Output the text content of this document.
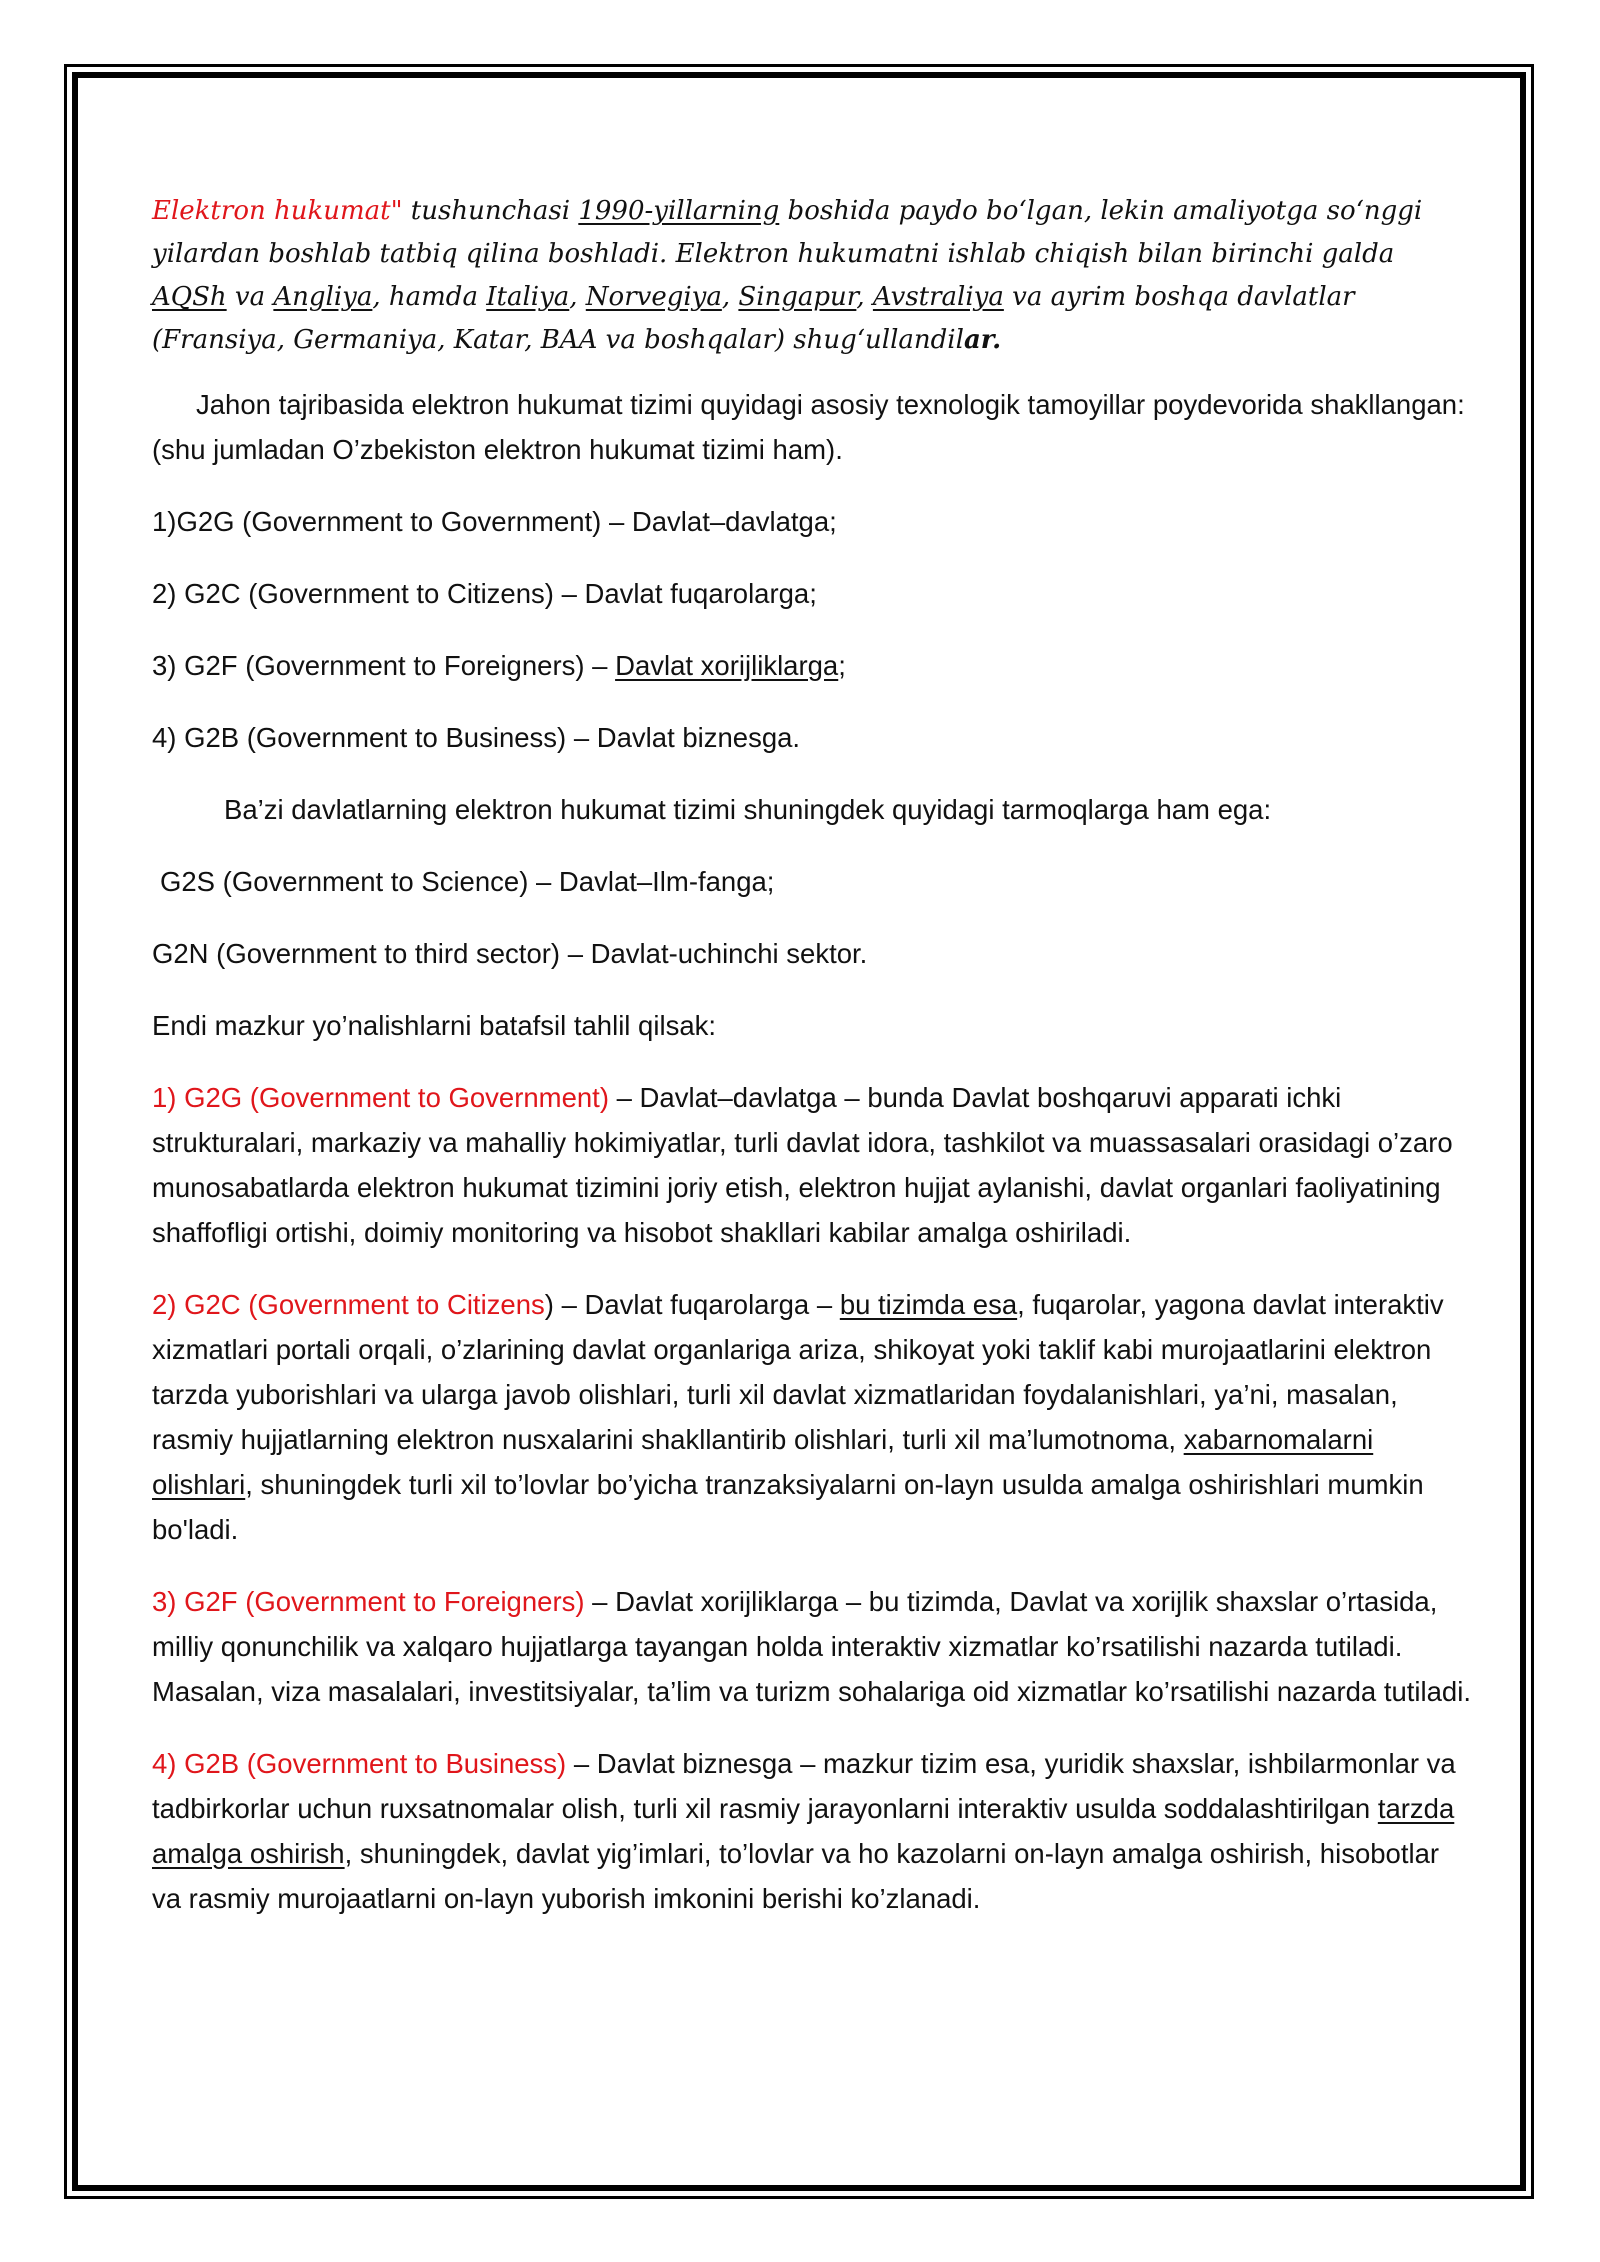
Elektron hukumat" tushunchasi 1990-yillarning boshida paydo bo‘lgan, lekin amaliyotga so‘nggi yilardan boshlab tatbiq qilina boshladi. Elektron hukumatni ishlab chiqish bilan birinchi galda AQSh va Angliya, hamda Italiya, Norvegiya, Singapur, Avstraliya va ayrim boshqa davlatlar (Fransiya, Germaniya, Katar, BAA va boshqalar) shug‘ullandilar.

Jahon tajribasida elektron hukumat tizimi quyidagi asosiy texnologik tamoyillar poydevorida shakllangan: (shu jumladan O’zbekiston elektron hukumat tizimi ham).

1)G2G (Government to Government) – Davlat–davlatga;

2) G2C (Government to Citizens) – Davlat fuqarolarga;

3) G2F (Government to Foreigners) – Davlat xorijliklarga;

4) G2B (Government to Business) – Davlat biznesga.

Ba’zi davlatlarning elektron hukumat tizimi shuningdek quyidagi tarmoqlarga ham ega:

G2S (Government to Science) – Davlat–Ilm-fanga;

G2N (Government to third sector) – Davlat-uchinchi sektor.

Endi mazkur yo’nalishlarni batafsil tahlil qilsak:

1) G2G (Government to Government) – Davlat–davlatga – bunda Davlat boshqaruvi apparati ichki strukturalari, markaziy va mahalliy hokimiyatlar, turli davlat idora, tashkilot va muassasalari orasidagi o’zaro munosabatlarda elektron hukumat tizimini joriy etish, elektron hujjat aylanishi, davlat organlari faoliyatining shaffofligi ortishi, doimiy monitoring va hisobot shakllari kabilar amalga oshiriladi.

2) G2C (Government to Citizens) – Davlat fuqarolarga – bu tizimda esa, fuqarolar, yagona davlat interaktiv xizmatlari portali orqali, o’zlarining davlat organlariga ariza, shikoyat yoki taklif kabi murojaatlarini elektron tarzda yuborishlari va ularga javob olishlari, turli xil davlat xizmatlaridan foydalanishlari, ya’ni, masalan, rasmiy hujjatlarning elektron nusxalarini shakllantirib olishlari, turli xil ma’lumotnoma, xabarnomalarni olishlari, shuningdek turli xil to’lovlar bo’yicha tranzaksiyalarni on-layn usulda amalga oshirishlari mumkin bo'ladi.

3) G2F (Government to Foreigners) – Davlat xorijliklarga – bu tizimda, Davlat va xorijlik shaxslar o’rtasida, milliy qonunchilik va xalqaro hujjatlarga tayangan holda interaktiv xizmatlar ko’rsatilishi nazarda tutiladi. Masalan, viza masalalari, investitsiyalar, ta’lim va turizm sohalariga oid xizmatlar ko’rsatilishi nazarda tutiladi.

4) G2B (Government to Business) – Davlat biznesga – mazkur tizim esa, yuridik shaxslar, ishbilarmonlar va tadbirkorlar uchun ruxsatnomalar olish, turli xil rasmiy jarayonlarni interaktiv usulda soddalashtirilgan tarzda amalga oshirish, shuningdek, davlat yig’imlari, to’lovlar va ho kazolarni on-layn amalga oshirish, hisobotlar va rasmiy murojaatlarni on-layn yuborish imkonini berishi ko’zlanadi.
